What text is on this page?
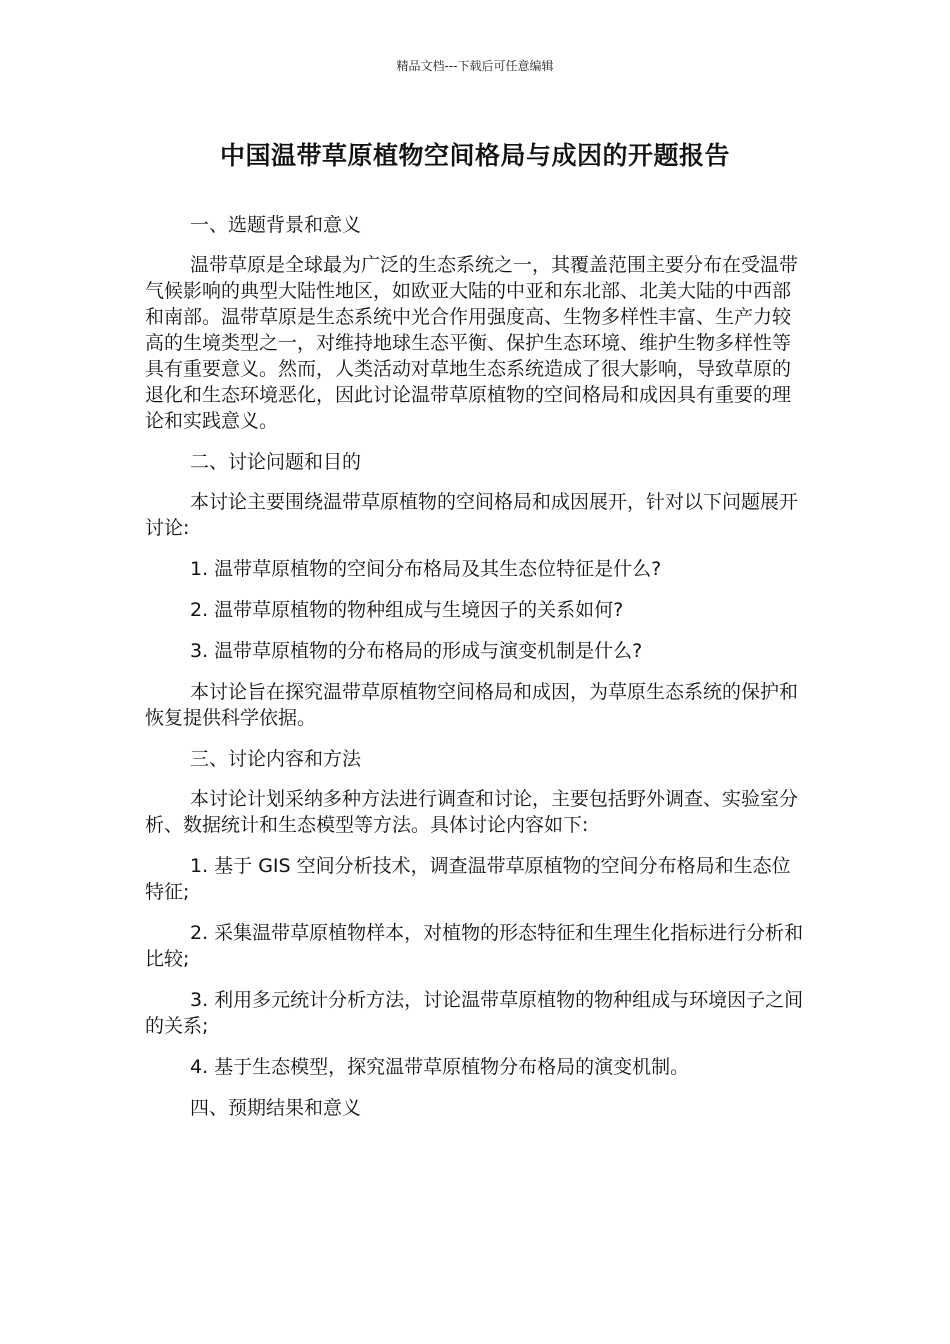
精品文档---下载后可任意编辑
中国温带草原植物空间格局与成因的开题报告

一、选题背景和意义

温带草原是全球最为广泛的生态系统之一，其覆盖范围主要分布在受温带气候影响的典型大陆性地区，如欧亚大陆的中亚和东北部、北美大陆的中西部和南部。温带草原是生态系统中光合作用强度高、生物多样性丰富、生产力较高的生境类型之一，对维持地球生态平衡、保护生态环境、维护生物多样性等具有重要意义。然而，人类活动对草地生态系统造成了很大影响，导致草原的退化和生态环境恶化，因此讨论温带草原植物的空间格局和成因具有重要的理论和实践意义。

二、讨论问题和目的

本讨论主要围绕温带草原植物的空间格局和成因展开，针对以下问题展开讨论:

1. 温带草原植物的空间分布格局及其生态位特征是什么?

2. 温带草原植物的物种组成与生境因子的关系如何?

3. 温带草原植物的分布格局的形成与演变机制是什么?

本讨论旨在探究温带草原植物空间格局和成因，为草原生态系统的保护和恢复提供科学依据。

三、讨论内容和方法

本讨论计划采纳多种方法进行调查和讨论，主要包括野外调查、实验室分析、数据统计和生态模型等方法。具体讨论内容如下:

1. 基于 GIS 空间分析技术，调查温带草原植物的空间分布格局和生态位特征;

2. 采集温带草原植物样本，对植物的形态特征和生理生化指标进行分析和比较;

3. 利用多元统计分析方法，讨论温带草原植物的物种组成与环境因子之间的关系;

4. 基于生态模型，探究温带草原植物分布格局的演变机制。

四、预期结果和意义
